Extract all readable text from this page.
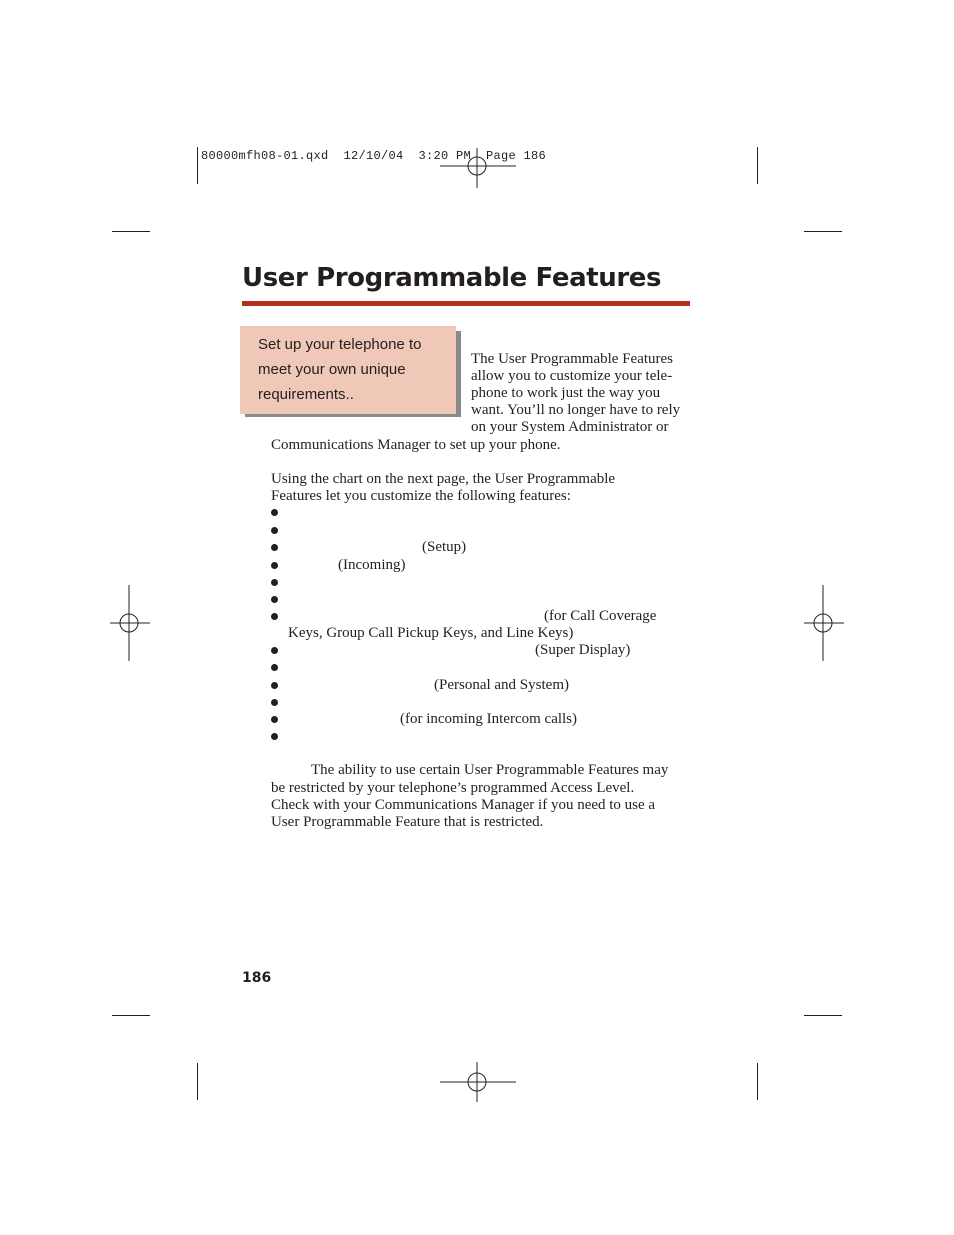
80000mfh08-01.qxd  12/10/04  3:20 PM  Page 186
User Programmable Features
Set up your telephone to meet your own unique requirements..
The User Programmable Features
allow you to customize your tele-
phone to work just the way you
want. You’ll no longer have to rely
on your System Administrator or
Communications Manager to set up your phone.
Using the chart on the next page, the User Programmable
Features let you customize the following features:
(Setup)
(Incoming)
(for Call Coverage
Keys, Group Call Pickup Keys, and Line Keys)
(Super Display)
(Personal and System)
(for incoming Intercom calls)
The ability to use certain User Programmable Features may
be restricted by your telephone’s programmed Access Level.
Check with your Communications Manager if you need to use a
User Programmable Feature that is restricted.
186
